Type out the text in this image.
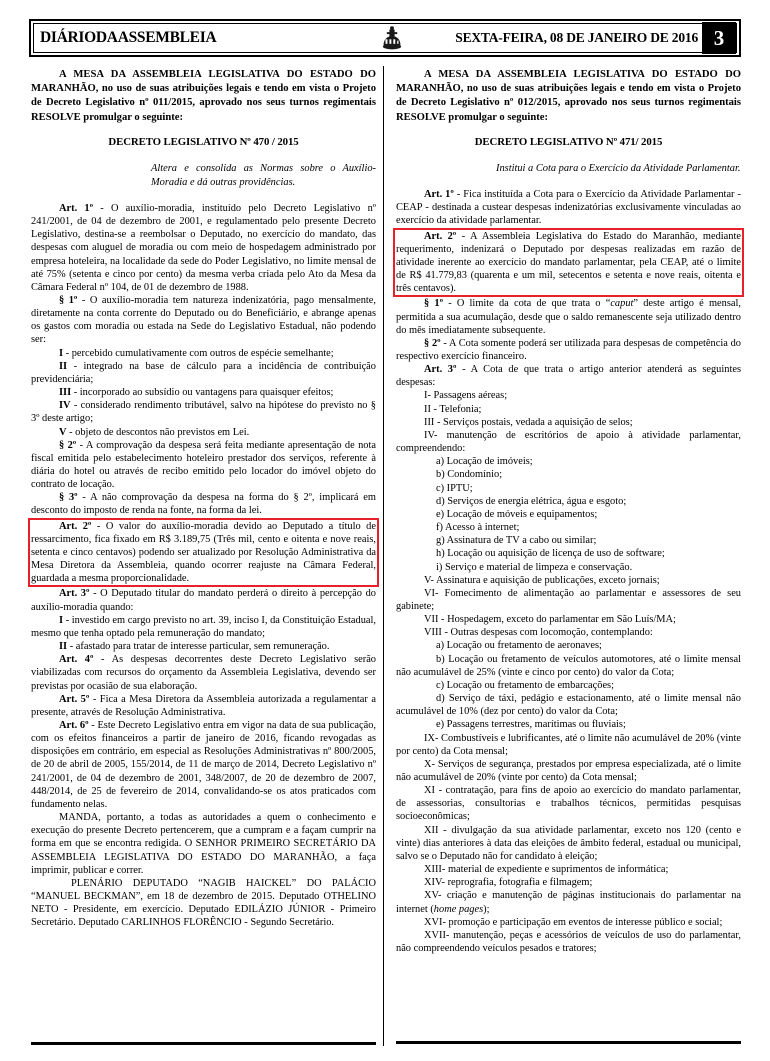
DIÁRIODAASSEMBLEIA	SEXTA-FEIRA, 08 DE JANEIRO DE 2016 3

A MESA DA ASSEMBLEIA LEGISLATIVA DO ESTADO DO MARANHÃO, no uso de suas atribuições legais e tendo em vista o Projeto de Decreto Legislativo nº 011/2015, aprovado nos seus turnos regimentais RESOLVE promulgar o seguinte:

DECRETO LEGISLATIVO Nº 470 / 2015

Altera e consolida as Normas sobre o Auxílio-Moradia e dá outras providências.

Art. 1º - O auxílio-moradia, instituído pelo Decreto Legislativo nº 241/2001, de 04 de dezembro de 2001, e regulamentado pelo presente Decreto Legislativo, destina-se a reembolsar o Deputado, no exercício do mandato, das despesas com aluguel de moradia ou com meio de hospedagem administrado por empresa hoteleira, na localidade da sede do Poder Legislativo, no limite mensal de até 75% (setenta e cinco por cento) da mesma verba criada pelo Ato da Mesa da Câmara Federal nº 104, de 01 de dezembro de 1988.

§ 1º - O auxílio-moradia tem natureza indenizatória, pago mensalmente, diretamente na conta corrente do Deputado ou do Beneficiário, e abrange apenas os gastos com moradia ou estada na Sede do Legislativo Estadual, não podendo ser:

I - percebido cumulativamente com outros de espécie semelhante;

II - integrado na base de cálculo para a incidência de contribuição previdenciária;

III - incorporado ao subsídio ou vantagens para quaisquer efeitos;

IV - considerado rendimento tributável, salvo na hipótese do previsto no § 3º deste artigo;

V - objeto de descontos não previstos em Lei.

§ 2º - A comprovação da despesa será feita mediante apresentação de nota fiscal emitida pelo estabelecimento hoteleiro prestador dos serviços, referente à diária do hotel ou através de recibo emitido pelo locador do imóvel objeto do contrato de locação.

§ 3º - A não comprovação da despesa na forma do § 2º, implicará em desconto do imposto de renda na fonte, na forma da lei.

Art. 2º - O valor do auxílio-moradia devido ao Deputado a título de ressarcimento, fica fixado em R$ 3.189,75 (Três mil, cento e oitenta e nove reais, setenta e cinco centavos) podendo ser atualizado por Resolução Administrativa da Mesa Diretora da Assembleia, quando ocorrer reajuste na Câmara Federal, guardada a mesma proporcionalidade.

Art. 3º - O Deputado titular do mandato perderá o direito à percepção do auxílio-moradia quando:

I - investido em cargo previsto no art. 39, inciso I, da Constituição Estadual, mesmo que tenha optado pela remuneração do mandato;

II - afastado para tratar de interesse particular, sem remuneração.

Art. 4º - As despesas decorrentes deste Decreto Legislativo serão viabilizadas com recursos do orçamento da Assembleia Legislativa, devendo ser previstas por ocasião de sua elaboração.

Art. 5º - Fica a Mesa Diretora da Assembleia autorizada a regulamentar a presente, através de Resolução Administrativa.

Art. 6º - Este Decreto Legislativo entra em vigor na data de sua publicação, com os efeitos financeiros a partir de janeiro de 2016, ficando revogadas as disposições em contrário, em especial as Resoluções Administrativas nº 800/2005, de 20 de abril de 2005, 155/2014, de 11 de março de 2014, Decreto Legislativo nº 241/2001, de 04 de dezembro de 2001, 348/2007, de 20 de dezembro de 2007, 448/2014, de 25 de fevereiro de 2014, convalidando-se os atos praticados com fundamento nelas.

MANDA, portanto, a todas as autoridades a quem o conhecimento e execução do presente Decreto pertencerem, que a cumpram e a façam cumprir na forma em que se encontra redigida. O SENHOR PRIMEIRO SECRETÁRIO DA ASSEMBLEIA LEGISLATIVA DO ESTADO DO MARANHÃO, a faça imprimir, publicar e correr.

PLENÁRIO DEPUTADO “NAGIB HAICKEL” DO PALÁCIO “MANUEL BECKMAN”, em 18 de dezembro de 2015. Deputado OTHELINO NETO - Presidente, em exercício. Deputado EDILÁZIO JÚNIOR - Primeiro Secretário. Deputado CARLINHOS FLORÊNCIO - Segundo Secretário.

A MESA DA ASSEMBLEIA LEGISLATIVA DO ESTADO DO MARANHÃO, no uso de suas atribuições legais e tendo em vista o Projeto de Decreto Legislativo nº 012/2015, aprovado nos seus turnos regimentais RESOLVE promulgar o seguinte:

DECRETO LEGISLATIVO Nº 471/ 2015

Institui a Cota para o Exercício da Atividade Parlamentar.

Art. 1º - Fica instituída a Cota para o Exercício da Atividade Parlamentar - CEAP - destinada a custear despesas indenizatórias exclusivamente vinculadas ao exercício da atividade parlamentar.

Art. 2º - A Assembleia Legislativa do Estado do Maranhão, mediante requerimento, indenizará o Deputado por despesas realizadas em razão de atividade inerente ao exercício do mandato parlamentar, pela CEAP, até o limite de R$ 41.779,83 (quarenta e um mil, setecentos e setenta e nove reais, oitenta e três centavos).

§ 1º - O limite da cota de que trata o “caput” deste artigo é mensal, permitida a sua acumulação, desde que o saldo remanescente seja utilizado dentro do mês imediatamente subsequente.

§ 2º - A Cota somente poderá ser utilizada para despesas de competência do respectivo exercício financeiro.

Art. 3º - A Cota de que trata o artigo anterior atenderá as seguintes despesas:

I- Passagens aéreas;

II - Telefonia;

III - Serviços postais, vedada a aquisição de selos;

IV- manutenção de escritórios de apoio à atividade parlamentar, compreendendo:

a) Locação de imóveis;

b) Condomínio;

c) IPTU;

d) Serviços de energia elétrica, água e esgoto;

e) Locação de móveis e equipamentos;

f) Acesso à internet;

g) Assinatura de TV a cabo ou similar;

h) Locação ou aquisição de licença de uso de software;

i) Serviço e material de limpeza e conservação.

V- Assinatura e aquisição de publicações, exceto jornais;

VI- Fomecimento de alimentação ao parlamentar e assessores de seu gabinete;

VII - Hospedagem, exceto do parlamentar em São Luís/MA;

VIII - Outras despesas com locomoção, contemplando:

a) Locação ou fretamento de aeronaves;

b) Locação ou fretamento de veículos automotores, até o limite mensal não acumulável de 25% (vinte e cinco por cento) do valor da Cota;

c) Locação ou fretamento de embarcações;

d) Serviço de táxi, pedágio e estacionamento, até o limite mensal não acumulável de 10% (dez por cento) do valor da Cota;

e) Passagens terrestres, marítimas ou fluviais;

IX- Combustíveis e lubrificantes, até o limite não acumulável de 20% (vinte por cento) da Cota mensal;

X- Serviços de segurança, prestados por empresa especializada, até o limite não acumulável de 20% (vinte por cento) da Cota mensal;

XI - contratação, para fins de apoio ao exercício do mandato parlamentar, de assessorias, consultorias e trabalhos técnicos, permitidas pesquisas socioeconômicas;

XII - divulgação da sua atividade parlamentar, exceto nos 120 (cento e vinte) dias anteriores à data das eleições de âmbito federal, estadual ou municipal, salvo se o Deputado não for candidato à eleição;

XIII- material de expediente e suprimentos de informática;

XIV- reprografia, fotografia e filmagem;

XV- criação e manutenção de páginas institucionais do parlamentar na internet (home pages);

XVI- promoção e participação em eventos de interesse público e social;

XVII- manutenção, peças e acessórios de veículos de uso do parlamentar, não compreendendo veículos pesados e tratores;
